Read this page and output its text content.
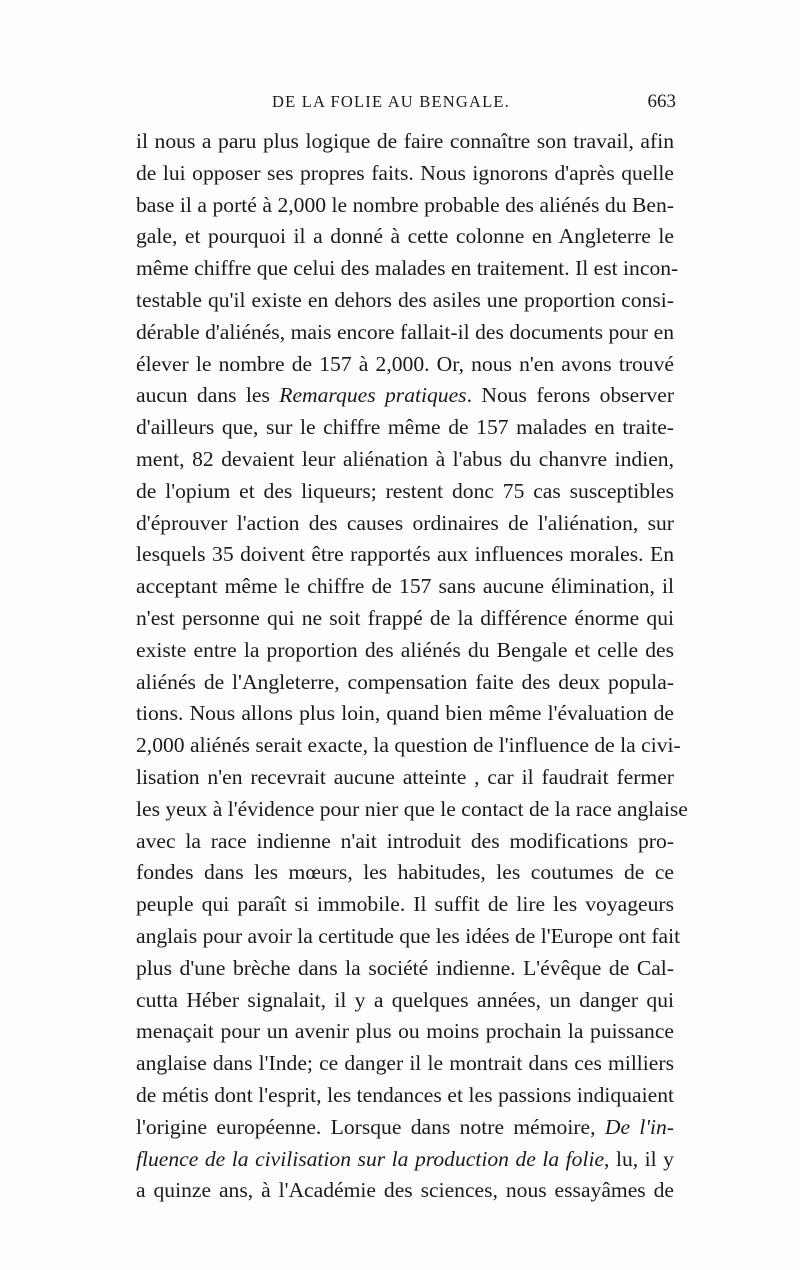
DE LA FOLIE AU BENGALE.	663
il nous a paru plus logique de faire connaître son travail, afin
de lui opposer ses propres faits. Nous ignorons d'après quelle
base il a porté à 2,000 le nombre probable des aliénés du Ben-
gale, et pourquoi il a donné à cette colonne en Angleterre le
même chiffre que celui des malades en traitement. Il est incon-
testable qu'il existe en dehors des asiles une proportion consi-
dérable d'aliénés, mais encore fallait-il des documents pour en
élever le nombre de 157 à 2,000. Or, nous n'en avons trouvé
aucun dans les Remarques pratiques. Nous ferons observer
d'ailleurs que, sur le chiffre même de 157 malades en traite-
ment, 82 devaient leur aliénation à l'abus du chanvre indien,
de l'opium et des liqueurs; restent donc 75 cas susceptibles
d'éprouver l'action des causes ordinaires de l'aliénation, sur
lesquels 35 doivent être rapportés aux influences morales. En
acceptant même le chiffre de 157 sans aucune élimination, il
n'est personne qui ne soit frappé de la différence énorme qui
existe entre la proportion des aliénés du Bengale et celle des
aliénés de l'Angleterre, compensation faite des deux popula-
tions. Nous allons plus loin, quand bien même l'évaluation de
2,000 aliénés serait exacte, la question de l'influence de la civi-
lisation n'en recevrait aucune atteinte , car il faudrait fermer
les yeux à l'évidence pour nier que le contact de la race anglaise
avec la race indienne n'ait introduit des modifications pro-
fondes dans les mœurs, les habitudes, les coutumes de ce
peuple qui paraît si immobile. Il suffit de lire les voyageurs
anglais pour avoir la certitude que les idées de l'Europe ont fait
plus d'une brèche dans la société indienne. L'évêque de Cal-
cutta Héber signalait, il y a quelques années, un danger qui
menaçait pour un avenir plus ou moins prochain la puissance
anglaise dans l'Inde; ce danger il le montrait dans ces milliers
de métis dont l'esprit, les tendances et les passions indiquaient
l'origine européenne. Lorsque dans notre mémoire, De l'in-
fluence de la civilisation sur la production de la folie, lu, il y
a quinze ans, à l'Académie des sciences, nous essayâmes de
